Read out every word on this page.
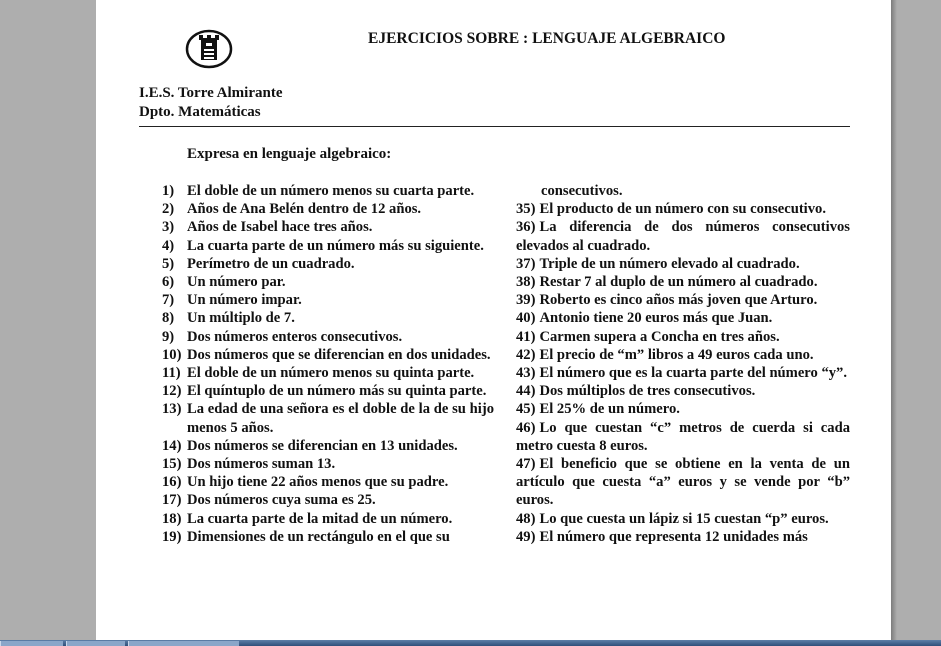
EJERCICIOS SOBRE : LENGUAJE ALGEBRAICO
I.E.S. Torre Almirante
Dpto. Matemáticas
Expresa en lenguaje algebraico:
1) El doble de un número menos su cuarta parte.
2) Años de Ana Belén dentro de 12 años.
3) Años de Isabel hace tres años.
4) La cuarta parte de un número más su siguiente.
5) Perímetro de un cuadrado.
6) Un número par.
7) Un número impar.
8) Un múltiplo de 7.
9) Dos números enteros consecutivos.
10) Dos números que se diferencian en dos unidades.
11) El doble de un número menos su quinta parte.
12) El quíntuplo de un número más su quinta parte.
13) La edad de una señora es el doble de la de su hijo menos 5 años.
14) Dos números se diferencian en 13 unidades.
15) Dos números suman 13.
16) Un hijo tiene 22 años menos que su padre.
17) Dos números cuya suma es 25.
18) La cuarta parte de la mitad de un número.
19) Dimensiones de un rectángulo en el que su
consecutivos.
35) El producto de un número con su consecutivo.
36) La diferencia de dos números consecutivos elevados al cuadrado.
37) Triple de un número elevado al cuadrado.
38) Restar 7 al duplo de un número al cuadrado.
39) Roberto es cinco años más joven que Arturo.
40) Antonio tiene 20 euros más que Juan.
41) Carmen supera a Concha en tres años.
42) El precio de “m” libros a 49 euros cada uno.
43) El número que es la cuarta parte del número “y”.
44) Dos múltiplos de tres consecutivos.
45) El 25% de un número.
46) Lo que cuestan “c” metros de cuerda si cada metro cuesta 8 euros.
47) El beneficio que se obtiene en la venta de un artículo que cuesta “a” euros y se vende por “b” euros.
48) Lo que cuesta un lápiz si 15 cuestan “p” euros.
49) El número que representa 12 unidades más
